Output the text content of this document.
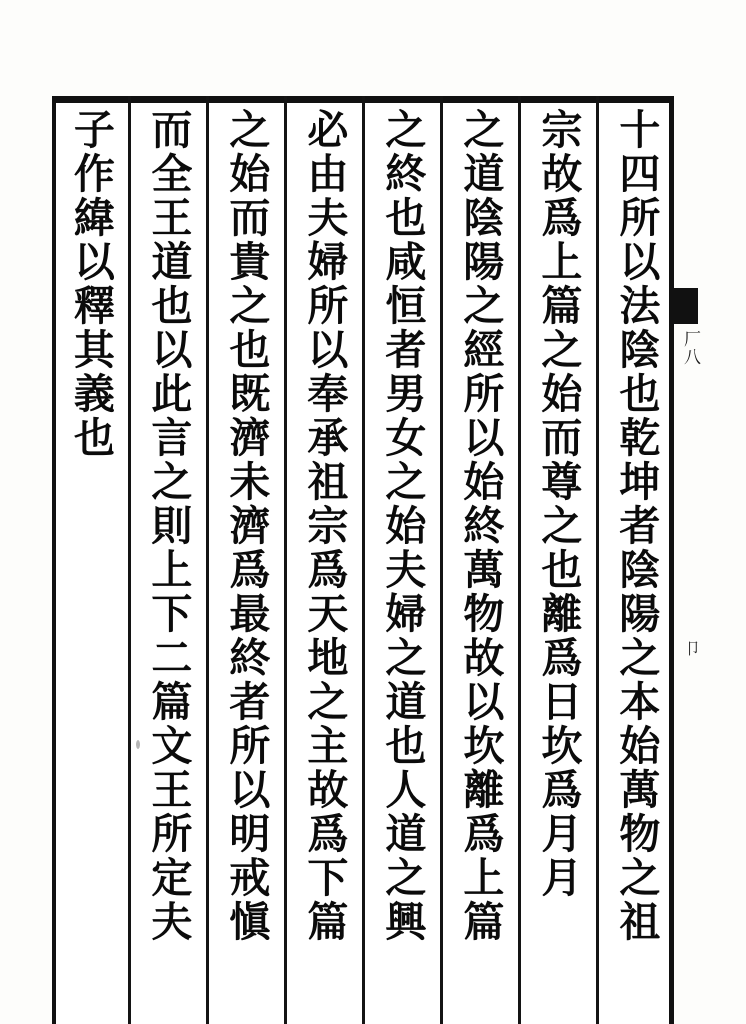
十四所以法陰也乾坤者陰陽之本始萬物之祖
宗故爲上篇之始而尊之也離爲日坎爲月月
之道陰陽之經所以始終萬物故以坎離爲上篇
之終也咸恒者男女之始夫婦之道也人道之興
必由夫婦所以奉承祖宗爲天地之主故爲下篇
之始而貴之也既濟未濟爲最終者所以明戒愼
而全王道也以此言之則上下二篇文王所定夫
子作緯以釋其義也	厂八
卩
